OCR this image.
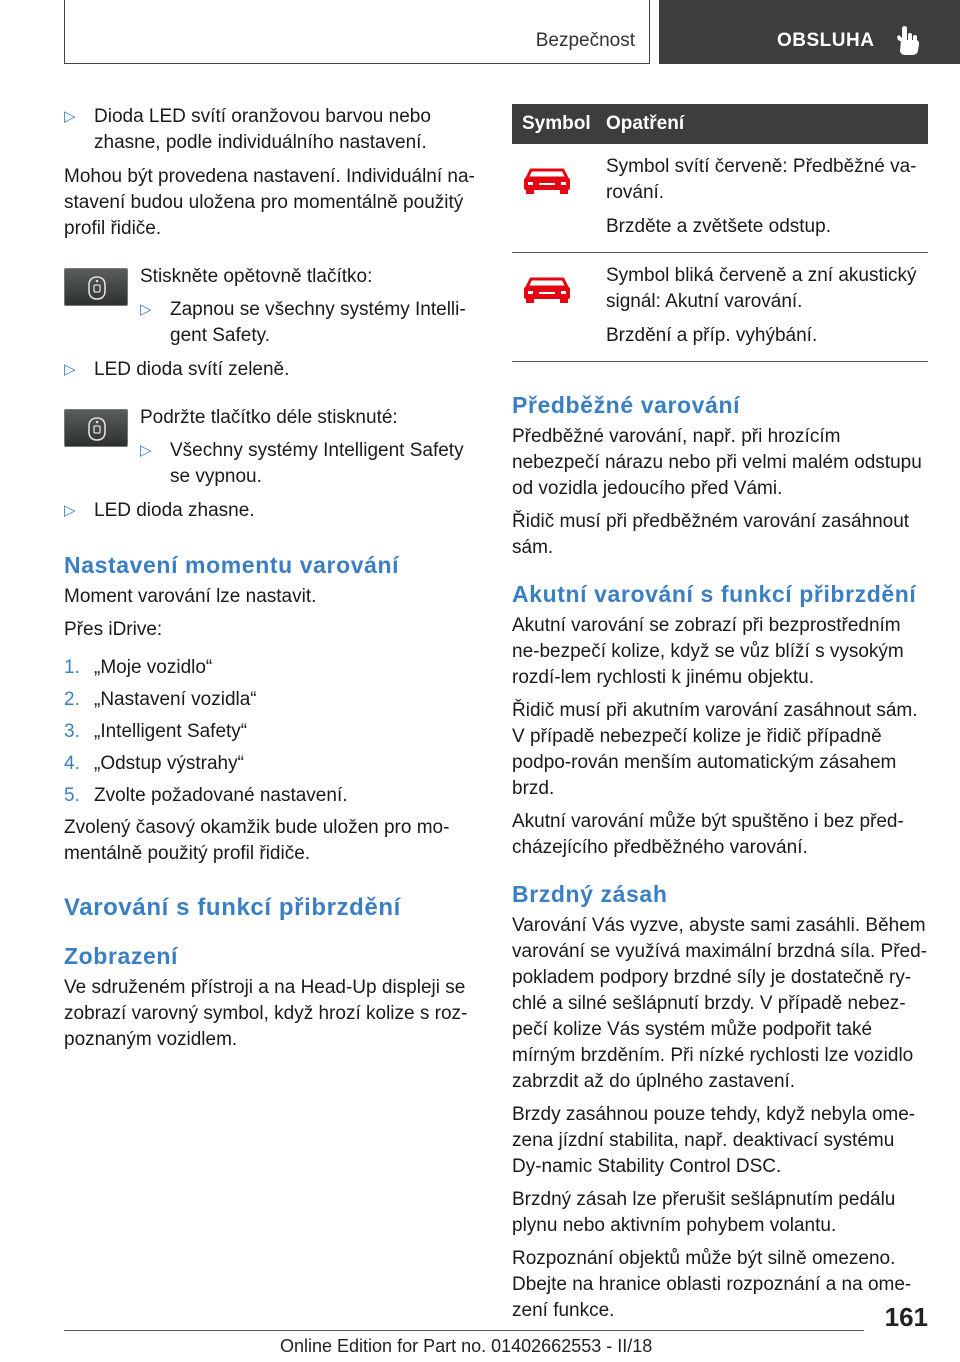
Bezpečnost	OBSLUHA
▷ Dioda LED svítí oranžovou barvou nebo zhasne, podle individuálního nastavení.

Mohou být provedena nastavení. Individuální na-stavení budou uložena pro momentálně použitý profil řidiče.

Stiskněte opětovně tlačítko:

▷ Zapnou se všechny systémy Intelli-gent Safety.
▷ LED dioda svítí zeleně.

Podržte tlačítko déle stisknuté:

▷ Všechny systémy Intelligent Safety se vypnou.
▷ LED dioda zhasne.
Nastavení momentu varování

Moment varování lze nastavit.

Přes iDrive:

1. „Moje vozidlo“
2. „Nastavení vozidla“
3. „Intelligent Safety“
4. „Odstup výstrahy“
5. Zvolte požadované nastavení.

Zvolený časový okamžik bude uložen pro mo-mentálně použitý profil řidiče.

Varování s funkcí přibrzdění
Zobrazení

Ve sdruženém přístroji a na Head-Up displeji se zobrazí varovný symbol, když hrozí kolize s roz-poznaným vozidlem.

Symbol	Opatření

Symbol svítí červeně: Předběžné va-rování.

Brzděte a zvětšete odstup.

Symbol bliká červeně a zní akustický signál: Akutní varování.

Brzdění a příp. vyhýbání.

Předběžné varování

Předběžné varování, např. při hrozícím nebezpečí nárazu nebo při velmi malém odstupu od vozidla jedoucího před Vámi.

Řidič musí při předběžném varování zasáhnout sám.

Akutní varování s funkcí přibrzdění

Akutní varování se zobrazí při bezprostředním ne-bezpečí kolize, když se vůz blíží s vysokým rozdí-lem rychlosti k jinému objektu.

Řidič musí při akutním varování zasáhnout sám. V případě nebezpečí kolize je řidič případně podpo-rován menším automatickým zásahem brzd.

Akutní varování může být spuštěno i bez před-cházejícího předběžného varování.

Brzdný zásah

Varování Vás vyzve, abyste sami zasáhli. Během varování se využívá maximální brzdná síla. Před-pokladem podpory brzdné síly je dostatečně ry-chlé a silné sešlápnutí brzdy. V případě nebez-pečí kolize Vás systém může podpořit také mírným brzděním. Při nízké rychlosti lze vozidlo zabrzdit až do úplného zastavení.

Brzdy zasáhnou pouze tehdy, když nebyla ome-zena jízdní stabilita, např. deaktivací systému Dy-namic Stability Control DSC.

Brzdný zásah lze přerušit sešlápnutím pedálu plynu nebo aktivním pohybem volantu.

Rozpoznání objektů může být silně omezeno. Dbejte na hranice oblasti rozpoznání a na ome-zení funkce.	161
Online Edition for Part no. 01402662553 - II/18
